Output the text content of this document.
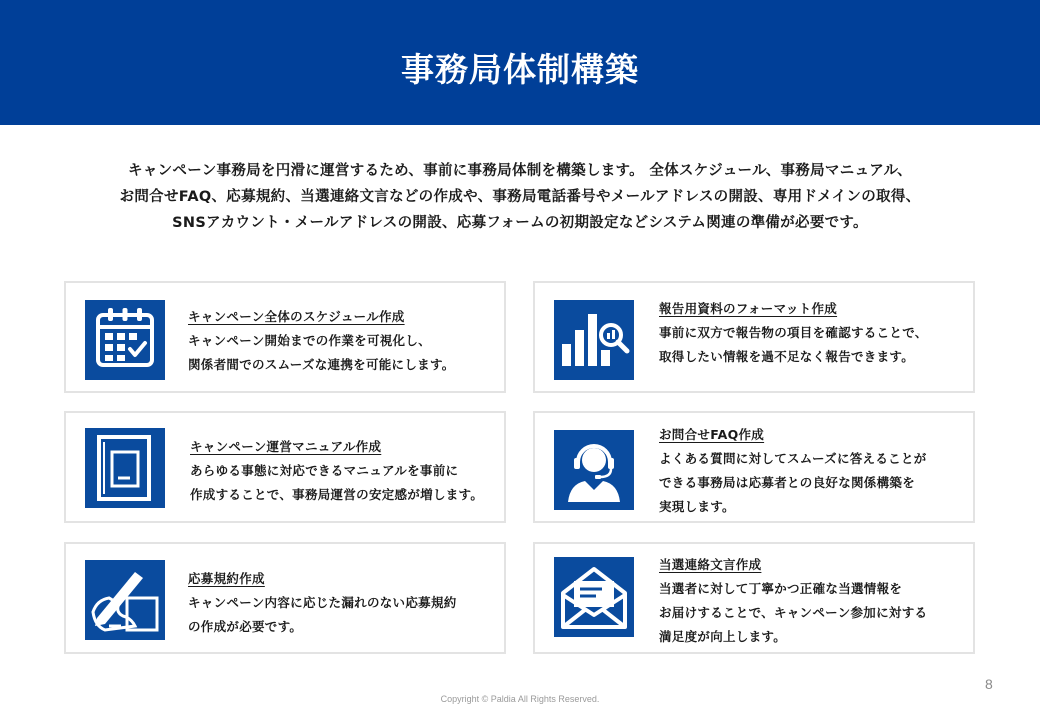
事務局体制構築

キャンペーン事務局を円滑に運営するため、事前に事務局体制を構築します。 全体スケジュール、事務局マニュアル、

お問合せFAQ、応募規約、当選連絡文言などの作成や、事務局電話番号やメールアドレスの開設、専用ドメインの取得、

SNSアカウント・メールアドレスの開設、応募フォームの初期設定などシステム関連の準備が必要です。

キャンペーン全体のスケジュール作成
キャンペーン開始までの作業を可視化し、
関係者間でのスムーズな連携を可能にします。
報告用資料のフォーマット作成
事前に双方で報告物の項目を確認することで、
取得したい情報を過不足なく報告できます。
キャンペーン運営マニュアル作成
あらゆる事態に対応できるマニュアルを事前に
作成することで、事務局運営の安定感が増します。
お問合せFAQ作成
よくある質問に対してスムーズに答えることが
できる事務局は応募者との良好な関係構築を
実現します。
応募規約作成
キャンペーン内容に応じた漏れのない応募規約
の作成が必要です。
当選連絡文言作成
当選者に対して丁寧かつ正確な当選情報を
お届けすることで、キャンペーン参加に対する
満足度が向上します。
8
Copyright © Paldia All Rights Reserved.
